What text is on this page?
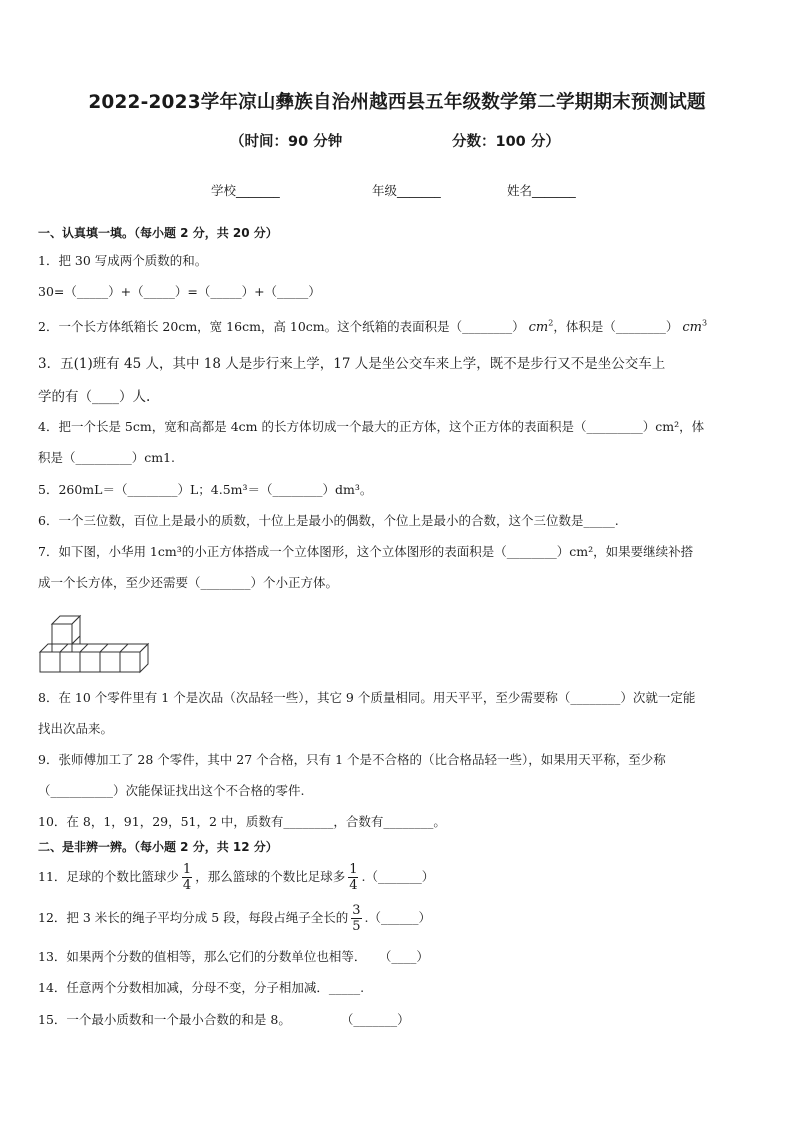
2022-2023学年凉山彝族自治州越西县五年级数学第二学期期末预测试题
（时间：90 分钟	分数：100 分）
学校_______	年级_______	姓名_______
一、认真填一填。（每小题 2 分，共 20 分）
1．把 30 写成两个质数的和。
30=（_____）+（_____）=（_____）+（_____）
2．一个长方体纸箱长 20cm，宽 16cm，高 10cm。这个纸箱的表面积是（________） $cm^2$，体积是（________） $cm^3$
3．五(1)班有 45 人，其中 18 人是步行来上学，17 人是坐公交车来上学，既不是步行又不是坐公交车上
学的有（____）人.
4．把一个长是 5cm，宽和高都是 4cm 的长方体切成一个最大的正方体，这个正方体的表面积是（_________）cm²，体
积是（_________）cm1.
5．260mL＝（________）L；4.5m³＝（________）dm³。
6．一个三位数，百位上是最小的质数，十位上是最小的偶数，个位上是最小的合数，这个三位数是_____.
7．如下图，小华用 1cm³的小正方体搭成一个立体图形，这个立体图形的表面积是（________）cm²，如果要继续补搭
成一个长方体，至少还需要（________）个小正方体。
8．在 10 个零件里有 1 个是次品（次品轻一些），其它 9 个质量相同。用天平平，至少需要称（________）次就一定能
找出次品来。
9．张师傅加工了 28 个零件，其中 27 个合格，只有 1 个是不合格的（比合格品轻一些），如果用天平称，至少称
（__________）次能保证找出这个不合格的零件.
10．在 8，1，91，29，51，2 中，质数有________，合数有________。
二、是非辨一辨。（每小题 2 分，共 12 分）
11．足球的个数比篮球少 $\frac{1}{4}$ ，那么篮球的个数比足球多 $\frac{1}{4}$ .（_______）
12．把 3 米长的绳子平均分成 5 段，每段占绳子全长的 $\frac{3}{5}$ .（______）
13．如果两个分数的值相等，那么它们的分数单位也相等．　　（____）
14．任意两个分数相加减，分母不变，分子相加减．_____.
15．一个最小质数和一个最小合数的和是 8。　　　　　（_______）
